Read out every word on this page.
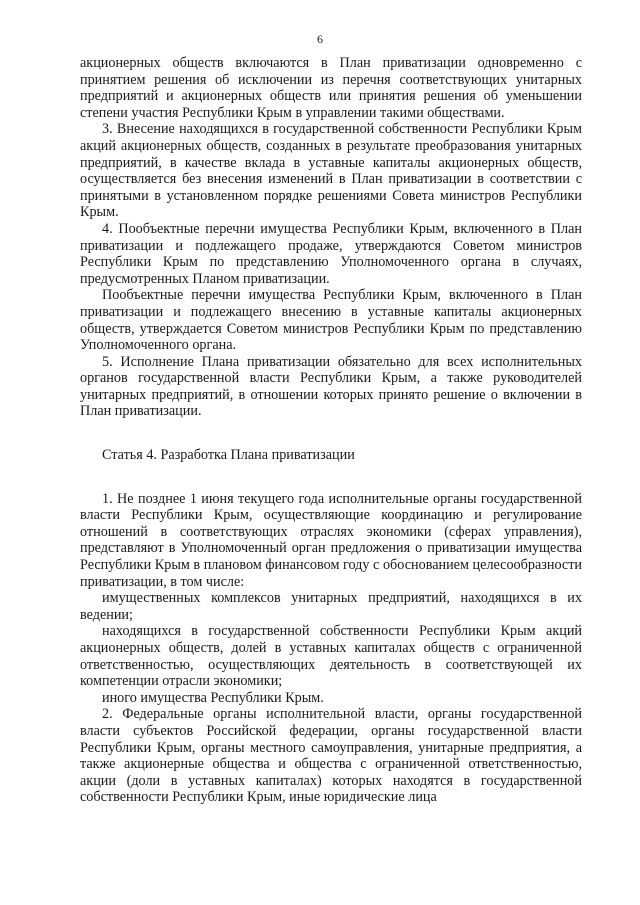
6

акционерных обществ включаются в План приватизации одновременно с принятием решения об исключении из перечня соответствующих унитарных предприятий и акционерных обществ или принятия решения об уменьшении степени участия Республики Крым в управлении такими обществами.

3. Внесение находящихся в государственной собственности Республики Крым акций акционерных обществ, созданных в результате преобразования унитарных предприятий, в качестве вклада в уставные капиталы акционерных обществ, осуществляется без внесения изменений в План приватизации в соответствии с принятыми в установленном порядке решениями Совета министров Республики Крым.

4. Пообъектные перечни имущества Республики Крым, включенного в План приватизации и подлежащего продаже, утверждаются Советом министров Республики Крым по представлению Уполномоченного органа в случаях, предусмотренных Планом приватизации.

Пообъектные перечни имущества Республики Крым, включенного в План приватизации и подлежащего внесению в уставные капиталы акционерных обществ, утверждается Советом министров Республики Крым по представлению Уполномоченного органа.

5. Исполнение Плана приватизации обязательно для всех исполнительных органов государственной власти Республики Крым, а также руководителей унитарных предприятий, в отношении которых принято решение о включении в План приватизации.

Статья 4. Разработка Плана приватизации

1. Не позднее 1 июня текущего года исполнительные органы государственной власти Республики Крым, осуществляющие координацию и регулирование отношений в соответствующих отраслях экономики (сферах управления), представляют в Уполномоченный орган предложения о приватизации имущества Республики Крым в плановом финансовом году с обоснованием целесообразности приватизации, в том числе:

имущественных комплексов унитарных предприятий, находящихся в их ведении;

находящихся в государственной собственности Республики Крым акций акционерных обществ, долей в уставных капиталах обществ с ограниченной ответственностью, осуществляющих деятельность в соответствующей их компетенции отрасли экономики;

иного имущества Республики Крым.

2. Федеральные органы исполнительной власти, органы государственной власти субъектов Российской федерации, органы государственной власти Республики Крым, органы местного самоуправления, унитарные предприятия, а также акционерные общества и общества с ограниченной ответственностью, акции (доли в уставных капиталах) которых находятся в государственной собственности Республики Крым, иные юридические лица
